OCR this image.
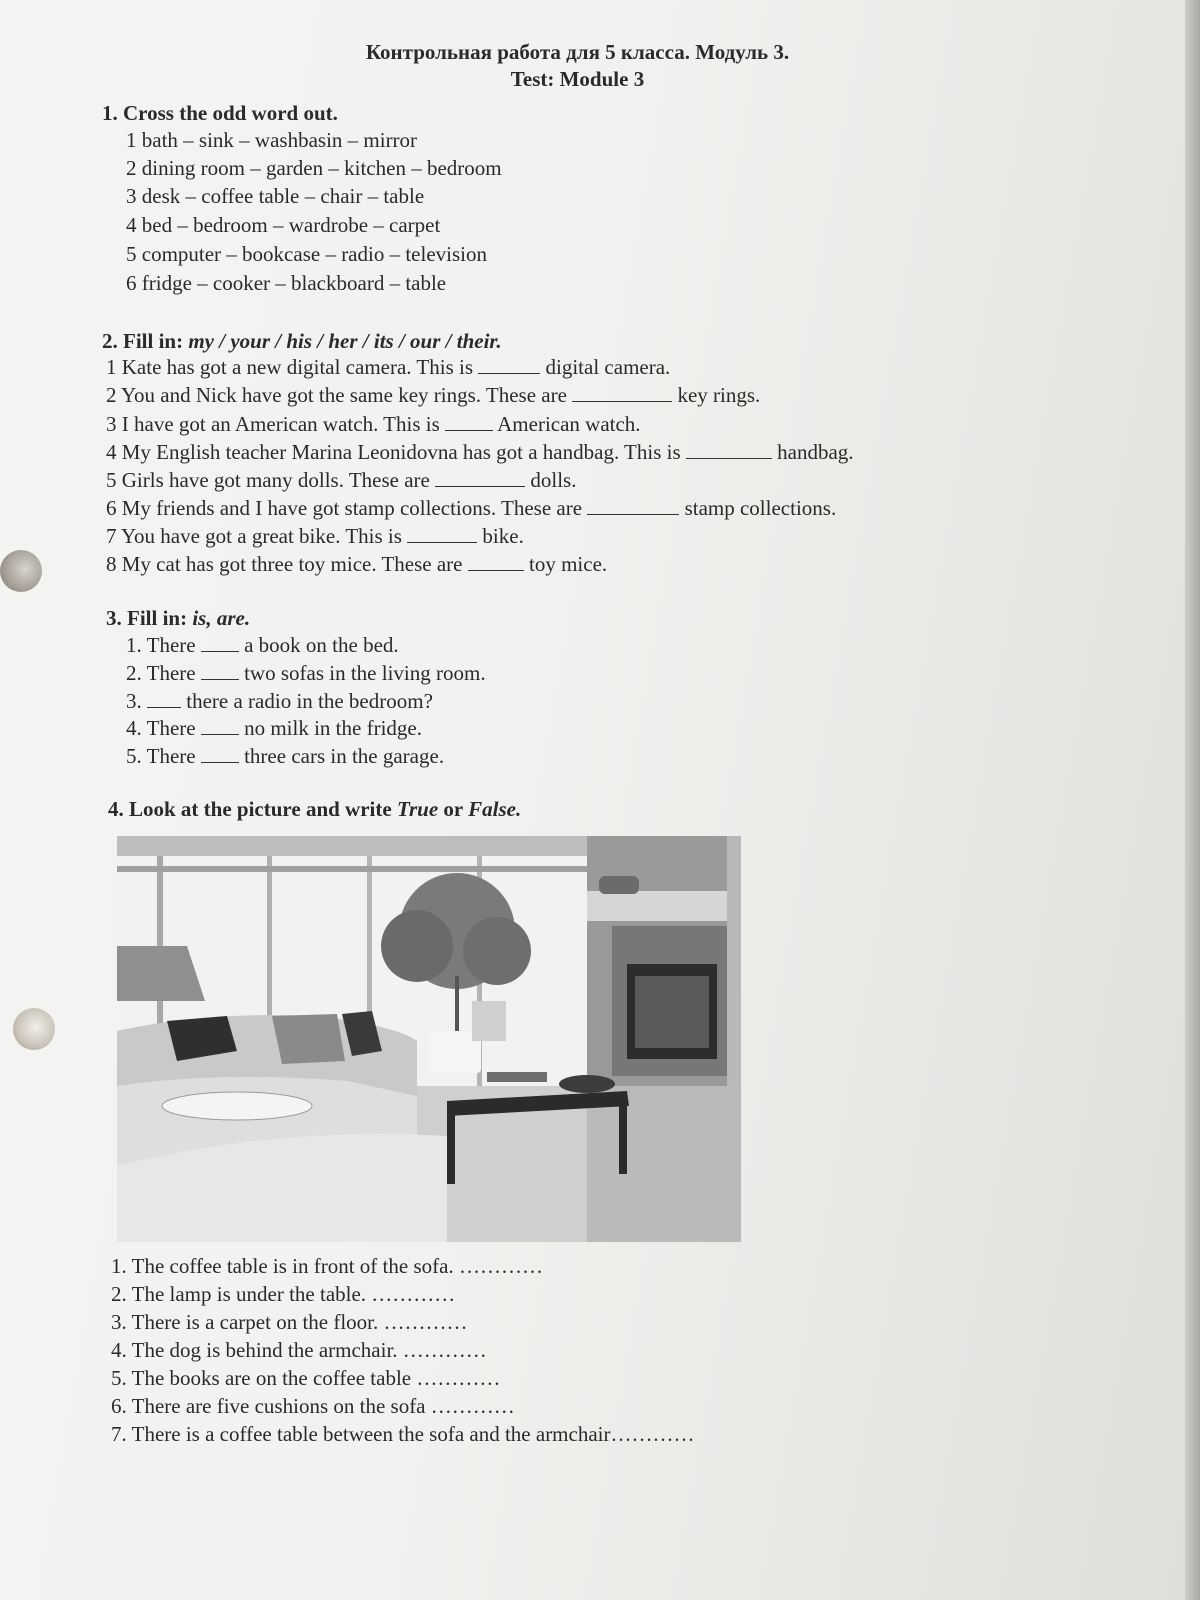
Контрольная работа для 5 класса. Модуль 3.
Test: Module 3
1. Cross the odd word out.
1 bath – sink – washbasin – mirror
2 dining room – garden – kitchen – bedroom
3 desk – coffee table – chair – table
4 bed – bedroom – wardrobe – carpet
5 computer – bookcase – radio – television
6 fridge – cooker – blackboard – table
2. Fill in: my / your / his / her / its / our / their.
1 Kate has got a new digital camera. This is	digital camera.
2 You and Nick have got the same key rings. These are	key rings.
3 I have got an American watch. This is	American watch.
4 My English teacher Marina Leonidovna has got a handbag. This is	handbag.
5 Girls have got many dolls. These are	dolls.
6 My friends and I have got stamp collections. These are	stamp collections.
7 You have got a great bike. This is	bike.
8 My cat has got three toy mice. These are	toy mice.
3. Fill in: is, are.
1. There a book on the bed.
2. There two sofas in the living room.
3. there a radio in the bedroom?
4. There no milk in the fridge.
5. There three cars in the garage.
4. Look at the picture and write True or False.
1. The coffee table is in front of the sofa. …………
2. The lamp is under the table. …………
3. There is a carpet on the floor. …………
4. The dog is behind the armchair. …………
5. The books are on the coffee table …………
6. There are five cushions on the sofa …………
7. There is a coffee table between the sofa and the armchair…………
